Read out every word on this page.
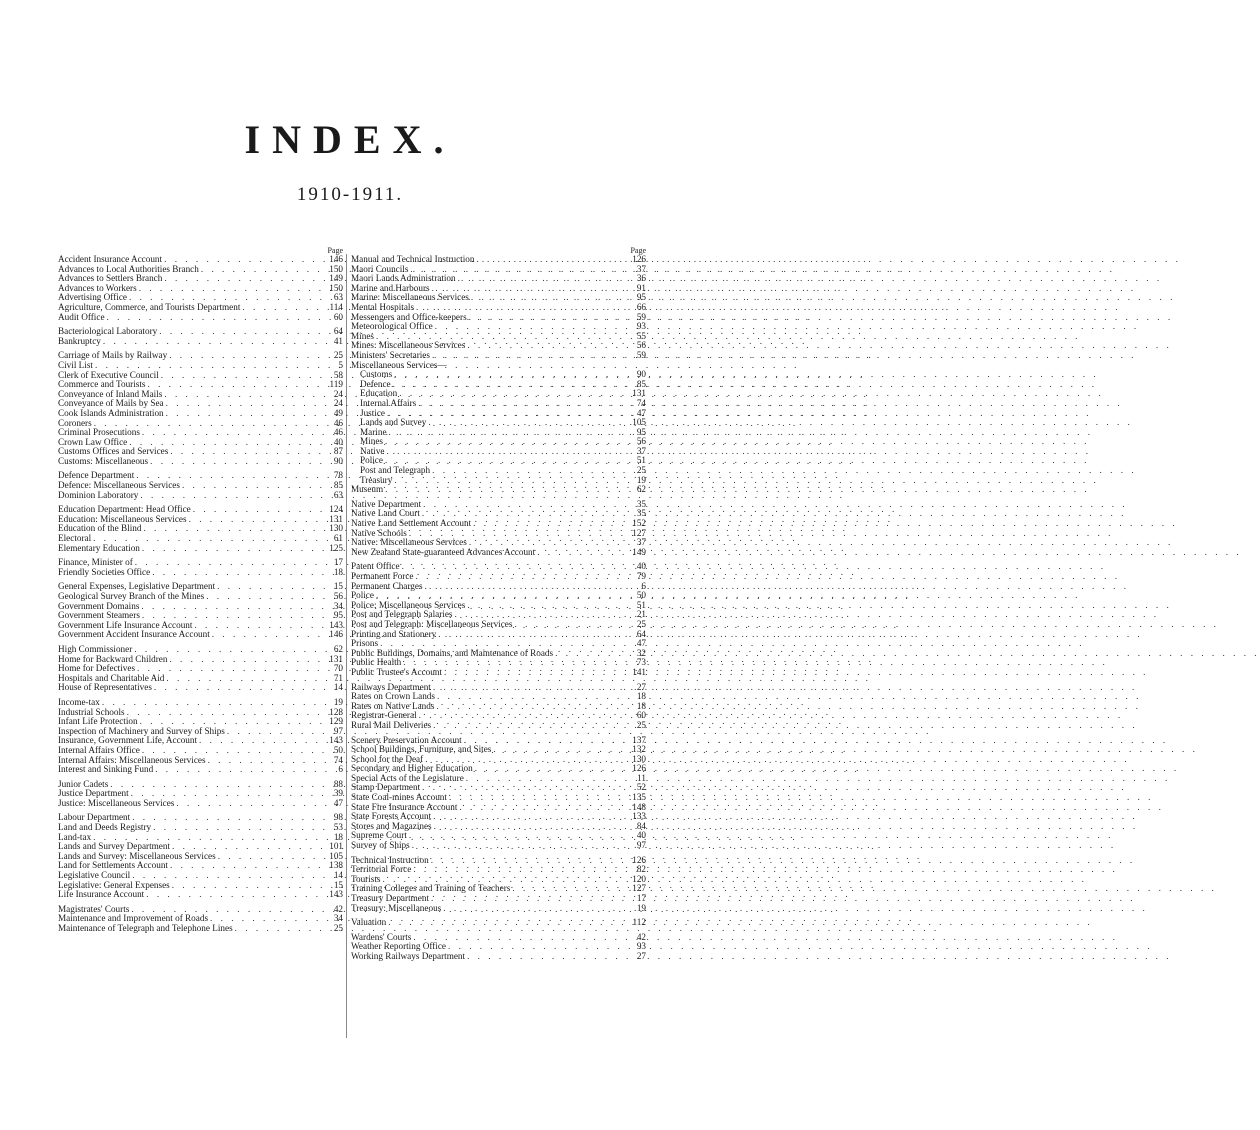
INDEX.
1910-1911.
Page
Accident Insurance Account . . .	146
Advances to Local Authorities Branch . . .	150
Advances to Settlers Branch . . .	149
Advances to Workers . . .	150
Advertising Office . . .	63
Agriculture, Commerce, and Tourists Department . . .	114
Audit Office . . .	60
Bacteriological Laboratory . . .	64
Bankruptcy . . .	41
Carriage of Mails by Railway . . .	25
Civil List . . .	5
Clerk of Executive Council . . .	58
Commerce and Tourists . . .	119
Conveyance of Inland Mails . . .	24
Conveyance of Mails by Sea . . .	24
Cook Islands Administration . . .	49
Coroners . . .	46
Criminal Prosecutions . . .	46
Crown Law Office . . .	40
Customs Offices and Services . . .	87
Customs: Miscellaneous . . .	90
Defence Department . . .	78
Defence: Miscellaneous Services . . .	85
Dominion Laboratory . . .	63
Education Department: Head Office . . .	124
Education: Miscellaneous Services . . .	131
Education of the Blind . . .	130
Electoral . . .	61
Elementary Education . . .	125
Finance, Minister of . . .	17
Friendly Societies Office . . .	18
General Expenses, Legislative Department . . .	15
Geological Survey Branch of the Mines . . .	56
Government Domains . . .	34
Government Steamers . . .	95
Government Life Insurance Account . . .	143
Government Accident Insurance Account . . .	146
High Commissioner . . .	62
Home for Backward Children . . .	131
Home for Defectives . . .	70
Hospitals and Charitable Aid . . .	71
House of Representatives . . .	14
Income-tax . . .	19
Industrial Schools . . .	128
Infant Life Protection . . .	129
Inspection of Machinery and Survey of Ships . . .	97
Insurance, Government Life, Account . . .	143
Internal Affairs Office . . .	50
Internal Affairs: Miscellaneous Services . . .	74
Interest and Sinking Fund . . .	6
Junior Cadets . . .	88
Justice Department . . .	39
Justice: Miscellaneous Services . . .	47
Labour Department . . .	98
Land and Deeds Registry . . .	53
Land-tax . . .	18
Lands and Survey Department . . .	101
Lands and Survey: Miscellaneous Services . . .	105
Land for Settlements Account . . .	138
Legislative Council . . .	14
Legislative: General Expenses . . .	15
Life Insurance Account . . .	143
Magistrates' Courts . . .	42
Maintenance and Improvement of Roads . . .	34
Maintenance of Telegraph and Telephone Lines . . .	25
Page
Manual and Technical Instruction . . .	126
Maori Councils . . .	37
Maori Lands Administration . . .	36
Marine and Harbours . . .	91
Marine: Miscellaneous Services . . .	95
Mental Hospitals . . .	66
Messengers and Office-keepers . . .	59
Meteorological Office . . .	93
Mines . . .	55
Mines: Miscellaneous Services . . .	56
Ministers' Secretaries . . .	59
Miscellaneous Services—
Customs . . .	90
Defence . . .	85
Education . . .	131
Internal Affairs . . .	74
Justice . . .	47
Lands and Survey . . .	105
Marine . . .	95
Mines . . .	56
Native . . .	37
Police . . .	51
Post and Telegraph . . .	25
Treasury . . .	19
Museum . . .	62
Native Department . . .	35
Native Land Court . . .	35
Native Land Settlement Account . . .	152
Native Schools . . .	127
Native: Miscellaneous Services . . .	37
New Zealand State-guaranteed Advances Account . . .	149
Patent Office . . .	40
Permanent Force . . .	79
Permanent Charges . . .	6
Police . . .	50
Police: Miscellaneous Services . . .	51
Post and Telegraph Salaries . . .	21
Post and Telegraph: Miscellaneous Services . . .	25
Printing and Stationery . . .	64
Prisons . . .	47
Public Buildings, Domains, and Maintenance of Roads . . .	32
Public Health . . .	73
Public Trustee's Account . . .	141
Railways Department . . .	27
Rates on Crown Lands . . .	18
Rates on Native Lands . . .	18
Registrar-General . . .	60
Rural Mail Deliveries . . .	25
Scenery Preservation Account . . .	137
School Buildings, Furniture, and Sites . . .	132
School for the Deaf . . .	130
Secondary and Higher Education . . .	126
Special Acts of the Legislature . . .	11
Stamp Department . . .	52
State Coal-mines Account . . .	135
State Fire Insurance Account . . .	148
State Forests Account . . .	133
Stores and Magazines . . .	84
Supreme Court . . .	40
Survey of Ships . . .	97
Technical Instruction . . .	126
Territorial Force . . .	82
Tourists . . .	120
Training Colleges and Training of Teachers . . .	127
Treasury Department . . .	17
Treasury: Miscellaneous . . .	19
Valuation . . .	112
Wardens' Courts . . .	42
Weather Reporting Office . . .	93
Working Railways Department . . .	27
